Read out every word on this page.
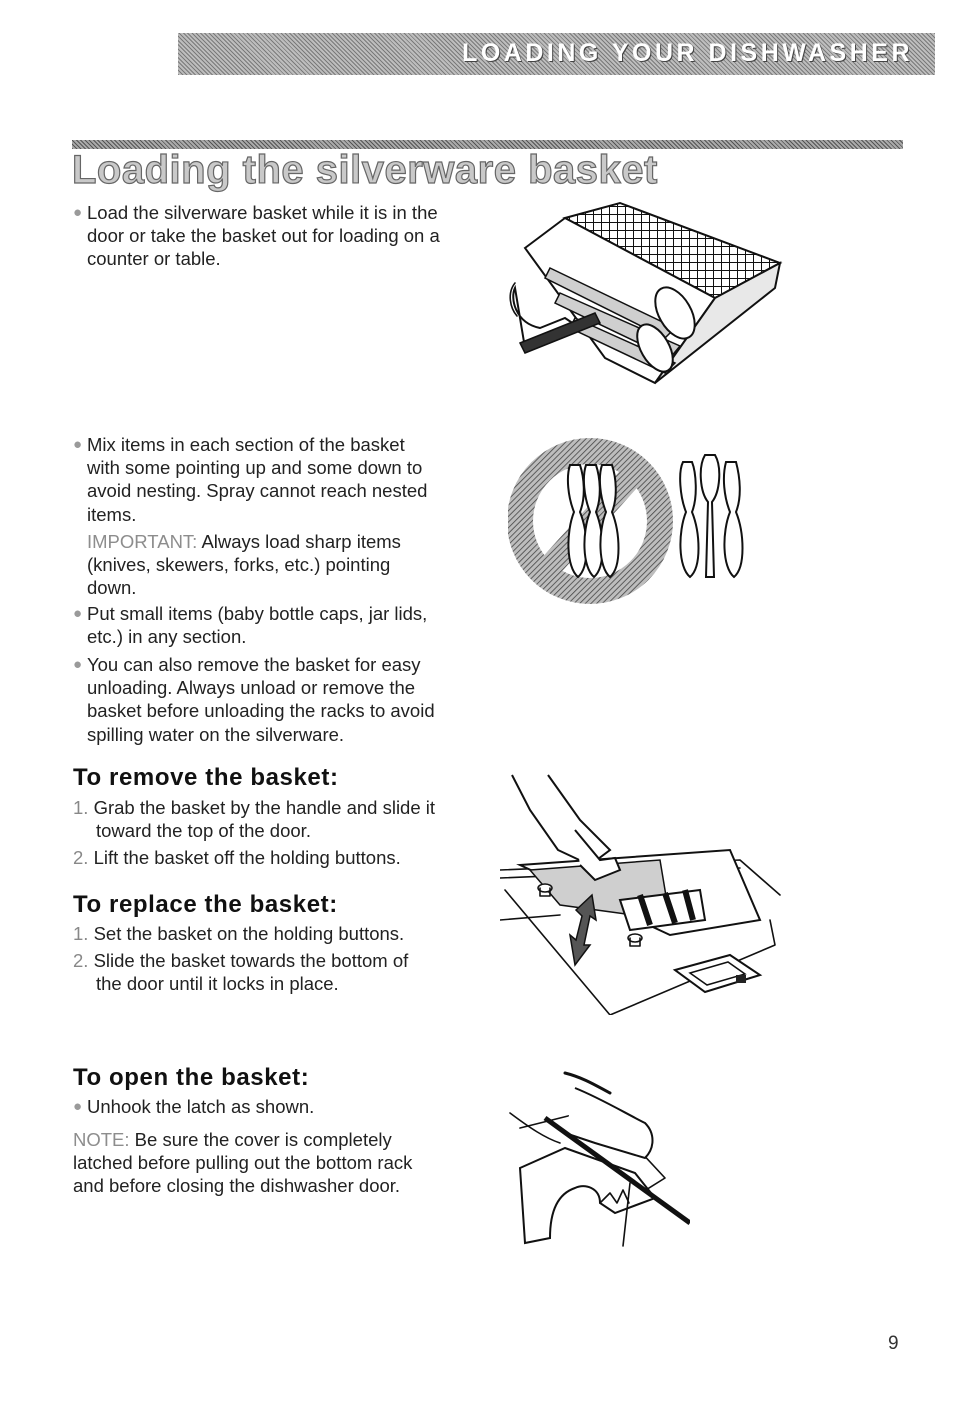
LOADING YOUR DISHWASHER
Loading the silverware basket
● Load the silverware basket while it is in the
door or take the basket out for loading on a
counter or table.
● Mix items in each section of the basket
with some pointing up and some down to
avoid nesting. Spray cannot reach nested
items.
IMPORTANT: Always load sharp items
(knives, skewers, forks, etc.) pointing
down.
● Put small items (baby bottle caps, jar lids,
etc.) in any section.
● You can also remove the basket for easy
unloading. Always unload or remove the
basket before unloading the racks to avoid
spilling water on the silverware.
To remove the basket:
1. Grab the basket by the handle and slide it
toward the top of the door.
2. Lift the basket off the holding buttons.
To replace the basket:
1. Set the basket on the holding buttons.
2. Slide the basket towards the bottom of
the door until it locks in place.
To open the basket:
● Unhook the latch as shown.
NOTE: Be sure the cover is completely
latched before pulling out the bottom rack
and before closing the dishwasher door.
9
